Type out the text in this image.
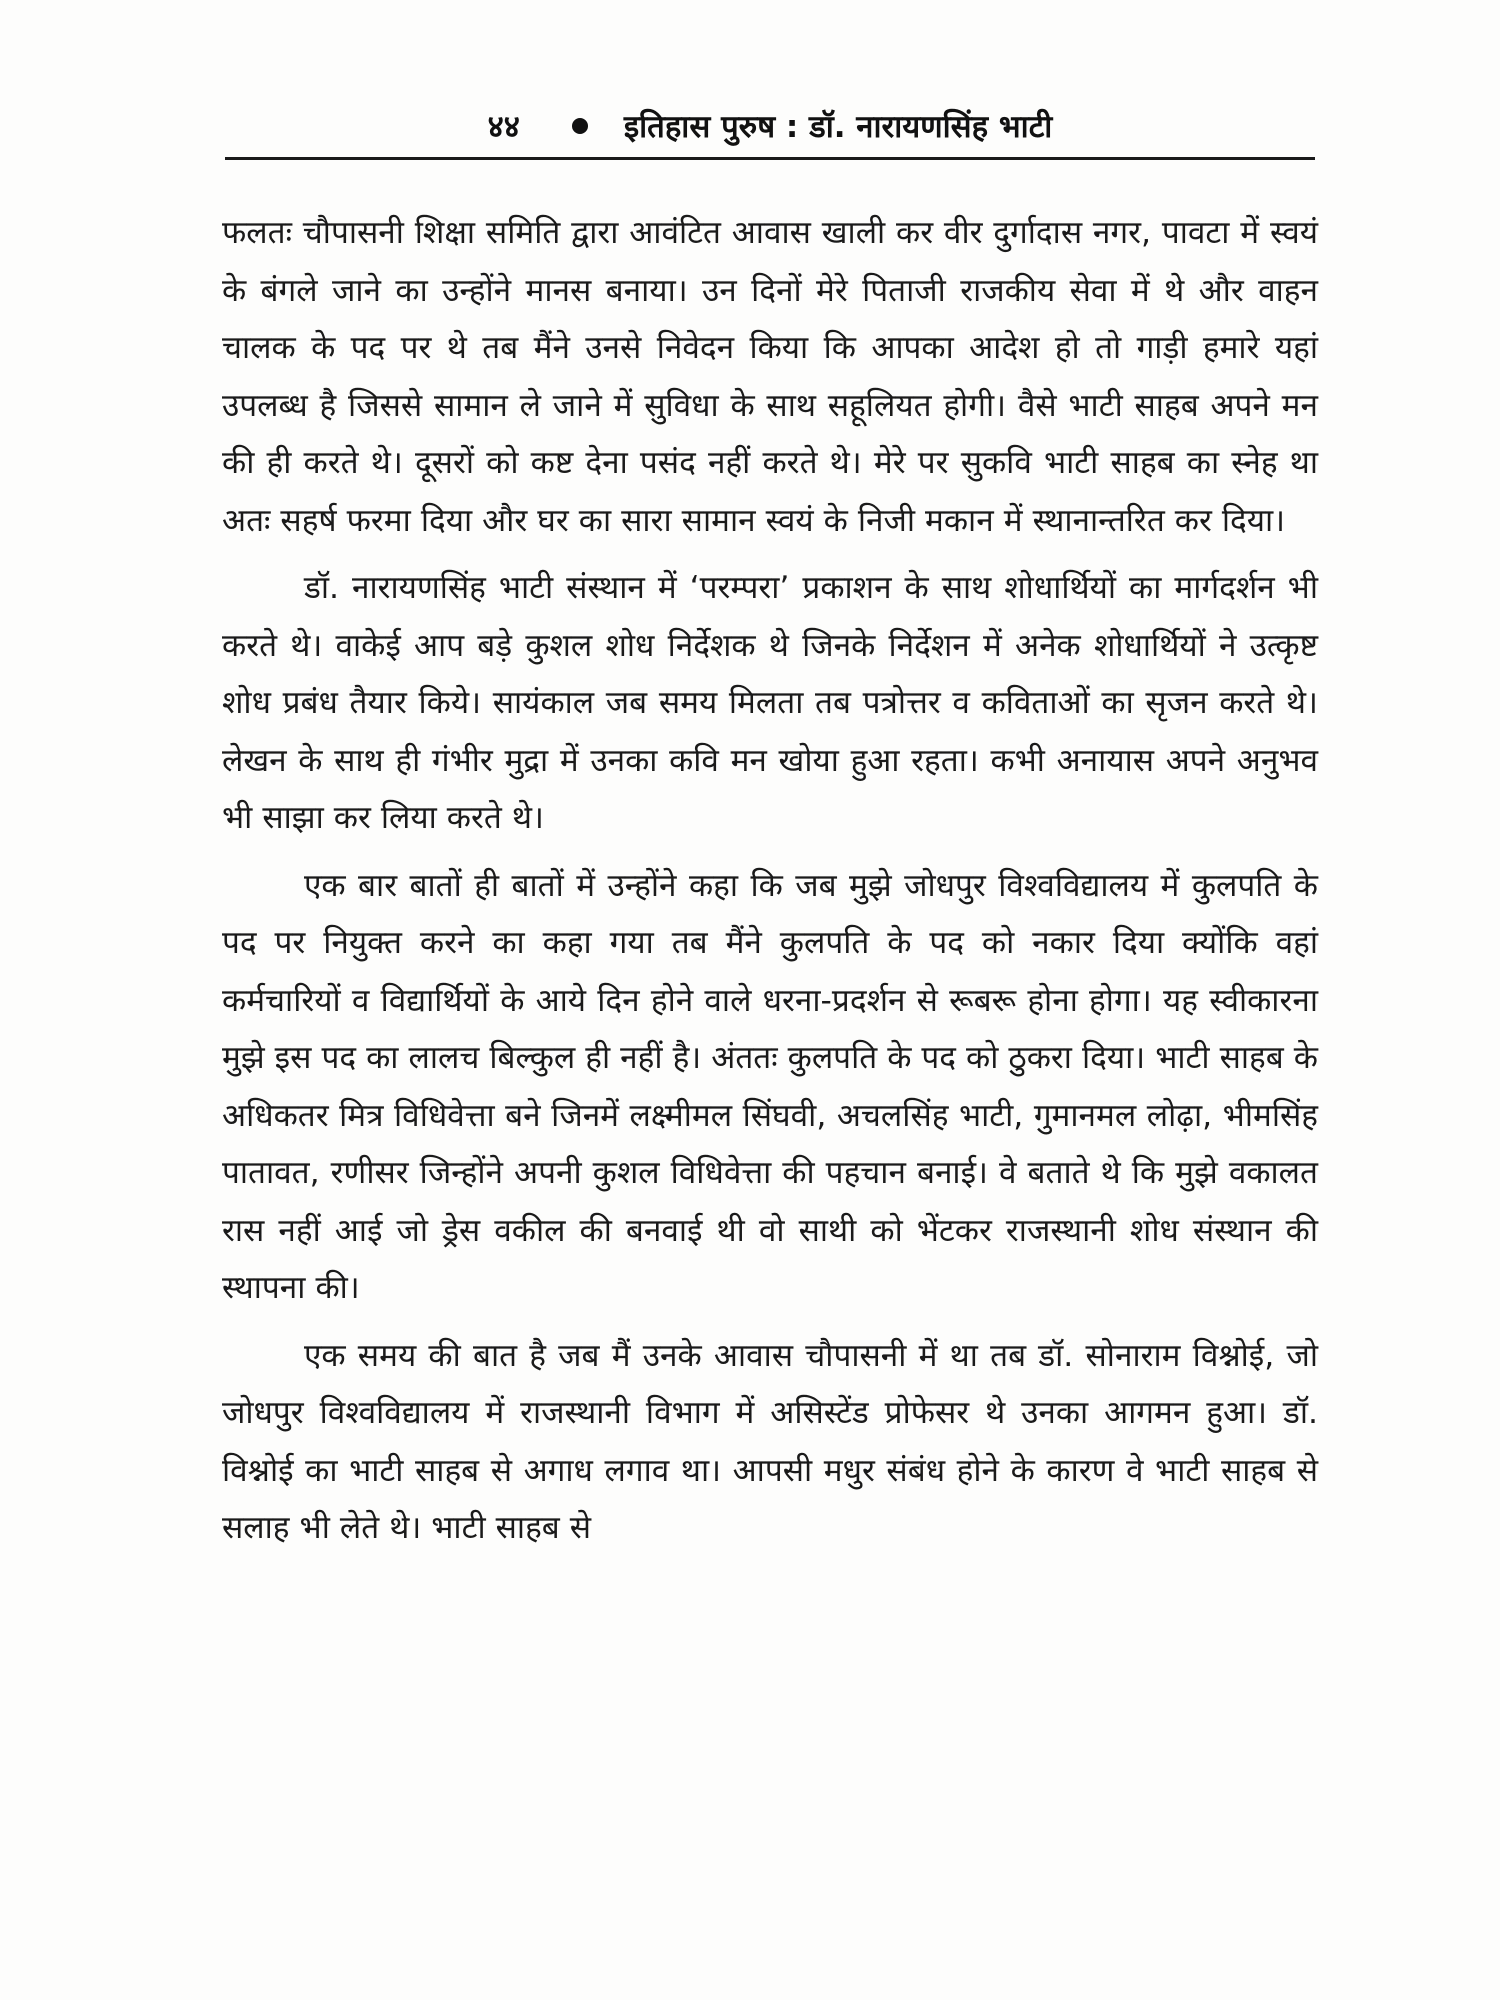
४४	इतिहास पुरुष : डॉ. नारायणसिंह भाटी

फलतः चौपासनी शिक्षा समिति द्वारा आवंटित आवास खाली कर वीर दुर्गादास नगर, पावटा में स्वयं के बंगले जाने का उन्होंने मानस बनाया। उन दिनों मेरे पिताजी राजकीय सेवा में थे और वाहन चालक के पद पर थे तब मैंने उनसे निवेदन किया कि आपका आदेश हो तो गाड़ी हमारे यहां उपलब्ध है जिससे सामान ले जाने में सुविधा के साथ सहूलियत होगी। वैसे भाटी साहब अपने मन की ही करते थे। दूसरों को कष्ट देना पसंद नहीं करते थे। मेरे पर सुकवि भाटी साहब का स्नेह था अतः सहर्ष फरमा दिया और घर का सारा सामान स्वयं के निजी मकान में स्थानान्तरित कर दिया।

डॉ. नारायणसिंह भाटी संस्थान में ‘परम्परा’ प्रकाशन के साथ शोधार्थियों का मार्गदर्शन भी करते थे। वाकेई आप बड़े कुशल शोध निर्देशक थे जिनके निर्देशन में अनेक शोधार्थियों ने उत्कृष्ट शोध प्रबंध तैयार किये। सायंकाल जब समय मिलता तब पत्रोत्तर व कविताओं का सृजन करते थे। लेखन के साथ ही गंभीर मुद्रा में उनका कवि मन खोया हुआ रहता। कभी अनायास अपने अनुभव भी साझा कर लिया करते थे।

एक बार बातों ही बातों में उन्होंने कहा कि जब मुझे जोधपुर विश्वविद्यालय में कुलपति के पद पर नियुक्त करने का कहा गया तब मैंने कुलपति के पद को नकार दिया क्योंकि वहां कर्मचारियों व विद्यार्थियों के आये दिन होने वाले धरना-प्रदर्शन से रूबरू होना होगा। यह स्वीकारना मुझे इस पद का लालच बिल्कुल ही नहीं है। अंततः कुलपति के पद को ठुकरा दिया। भाटी साहब के अधिकतर मित्र विधिवेत्ता बने जिनमें लक्ष्मीमल सिंघवी, अचलसिंह भाटी, गुमानमल लोढ़ा, भीमसिंह पातावत, रणीसर जिन्होंने अपनी कुशल विधिवेत्ता की पहचान बनाई। वे बताते थे कि मुझे वकालत रास नहीं आई जो ड्रेस वकील की बनवाई थी वो साथी को भेंटकर राजस्थानी शोध संस्थान की स्थापना की।

एक समय की बात है जब मैं उनके आवास चौपासनी में था तब डॉ. सोनाराम विश्नोई, जो जोधपुर विश्वविद्यालय में राजस्थानी विभाग में असिस्टेंड प्रोफेसर थे उनका आगमन हुआ। डॉ. विश्नोई का भाटी साहब से अगाध लगाव था। आपसी मधुर संबंध होने के कारण वे भाटी साहब से सलाह भी लेते थे। भाटी साहब से
